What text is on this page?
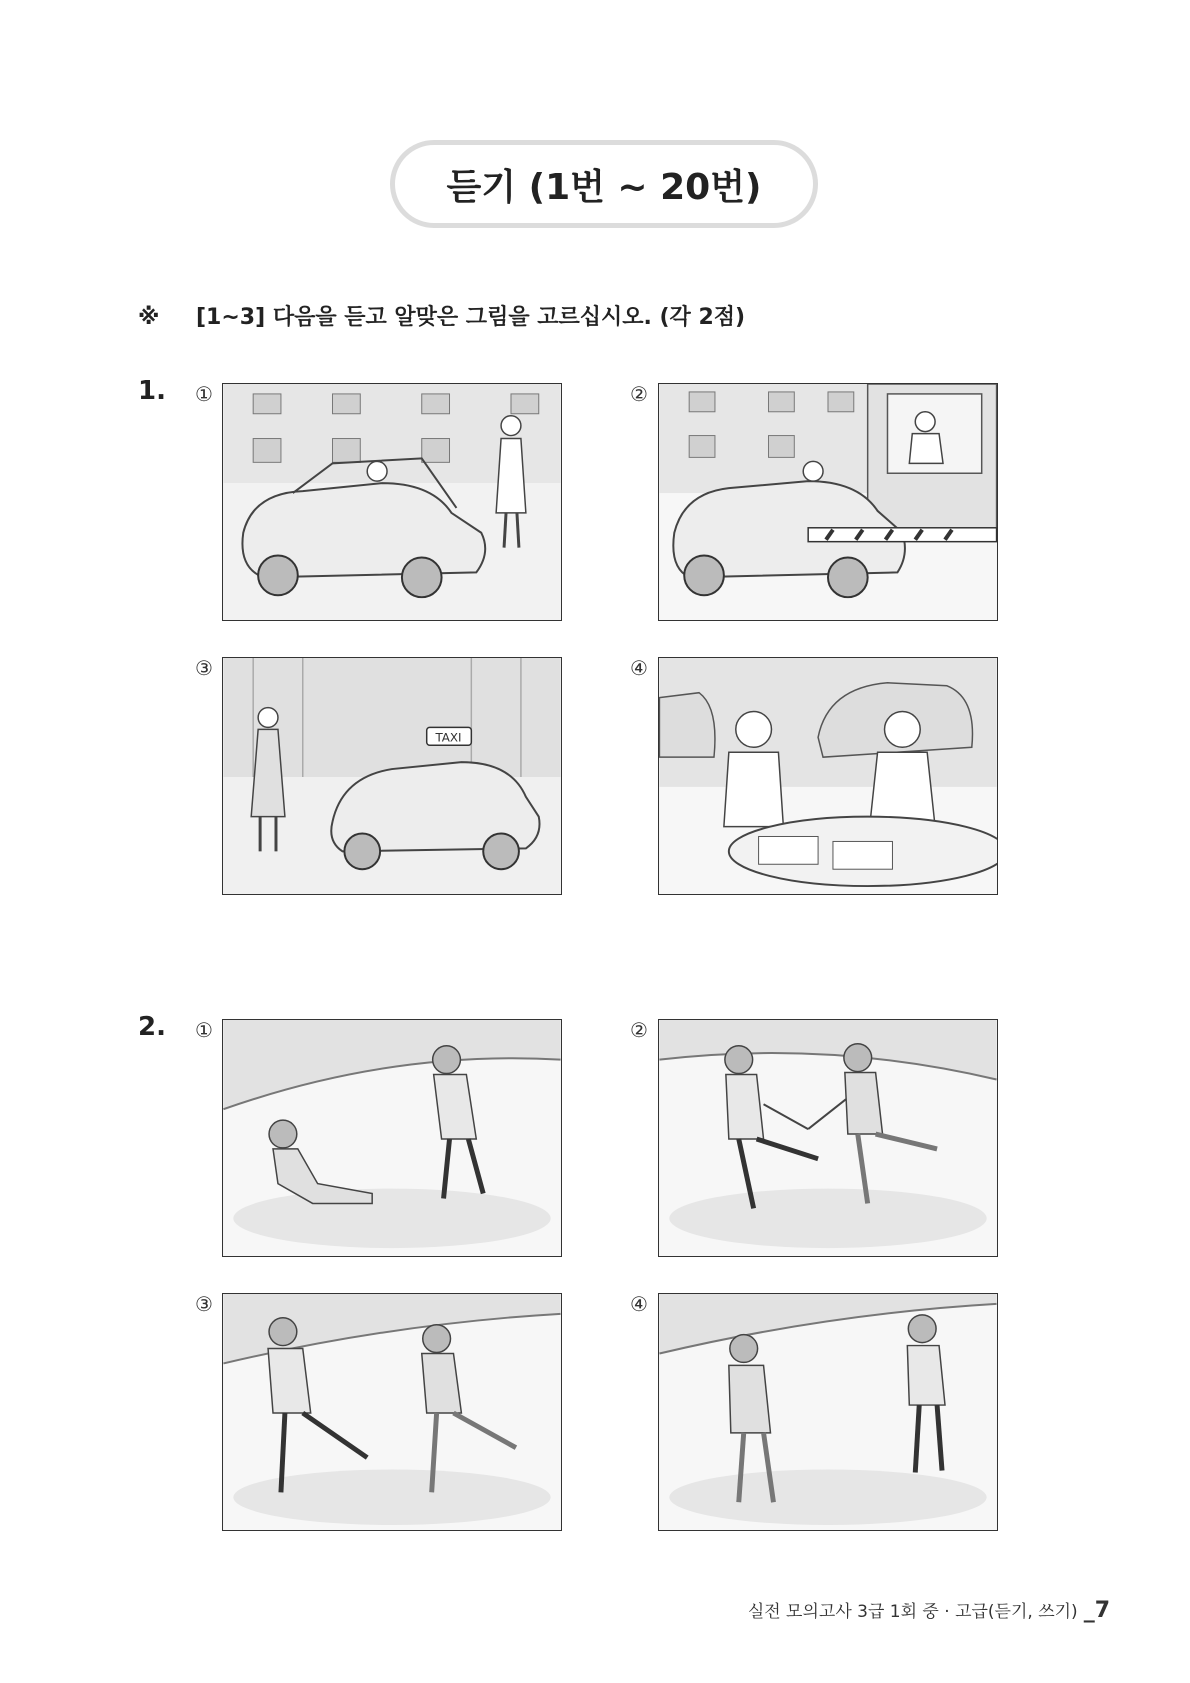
듣기 (1번 ~ 20번)
※ [1~3] 다음을 듣고 알맞은 그림을 고르십시오. (각 2점)
1. ①	②
③
TAXI
④
2. ①	②
③	④
실전 모의고사 3급 1회 중 · 고급(듣기, 쓰기) _7
